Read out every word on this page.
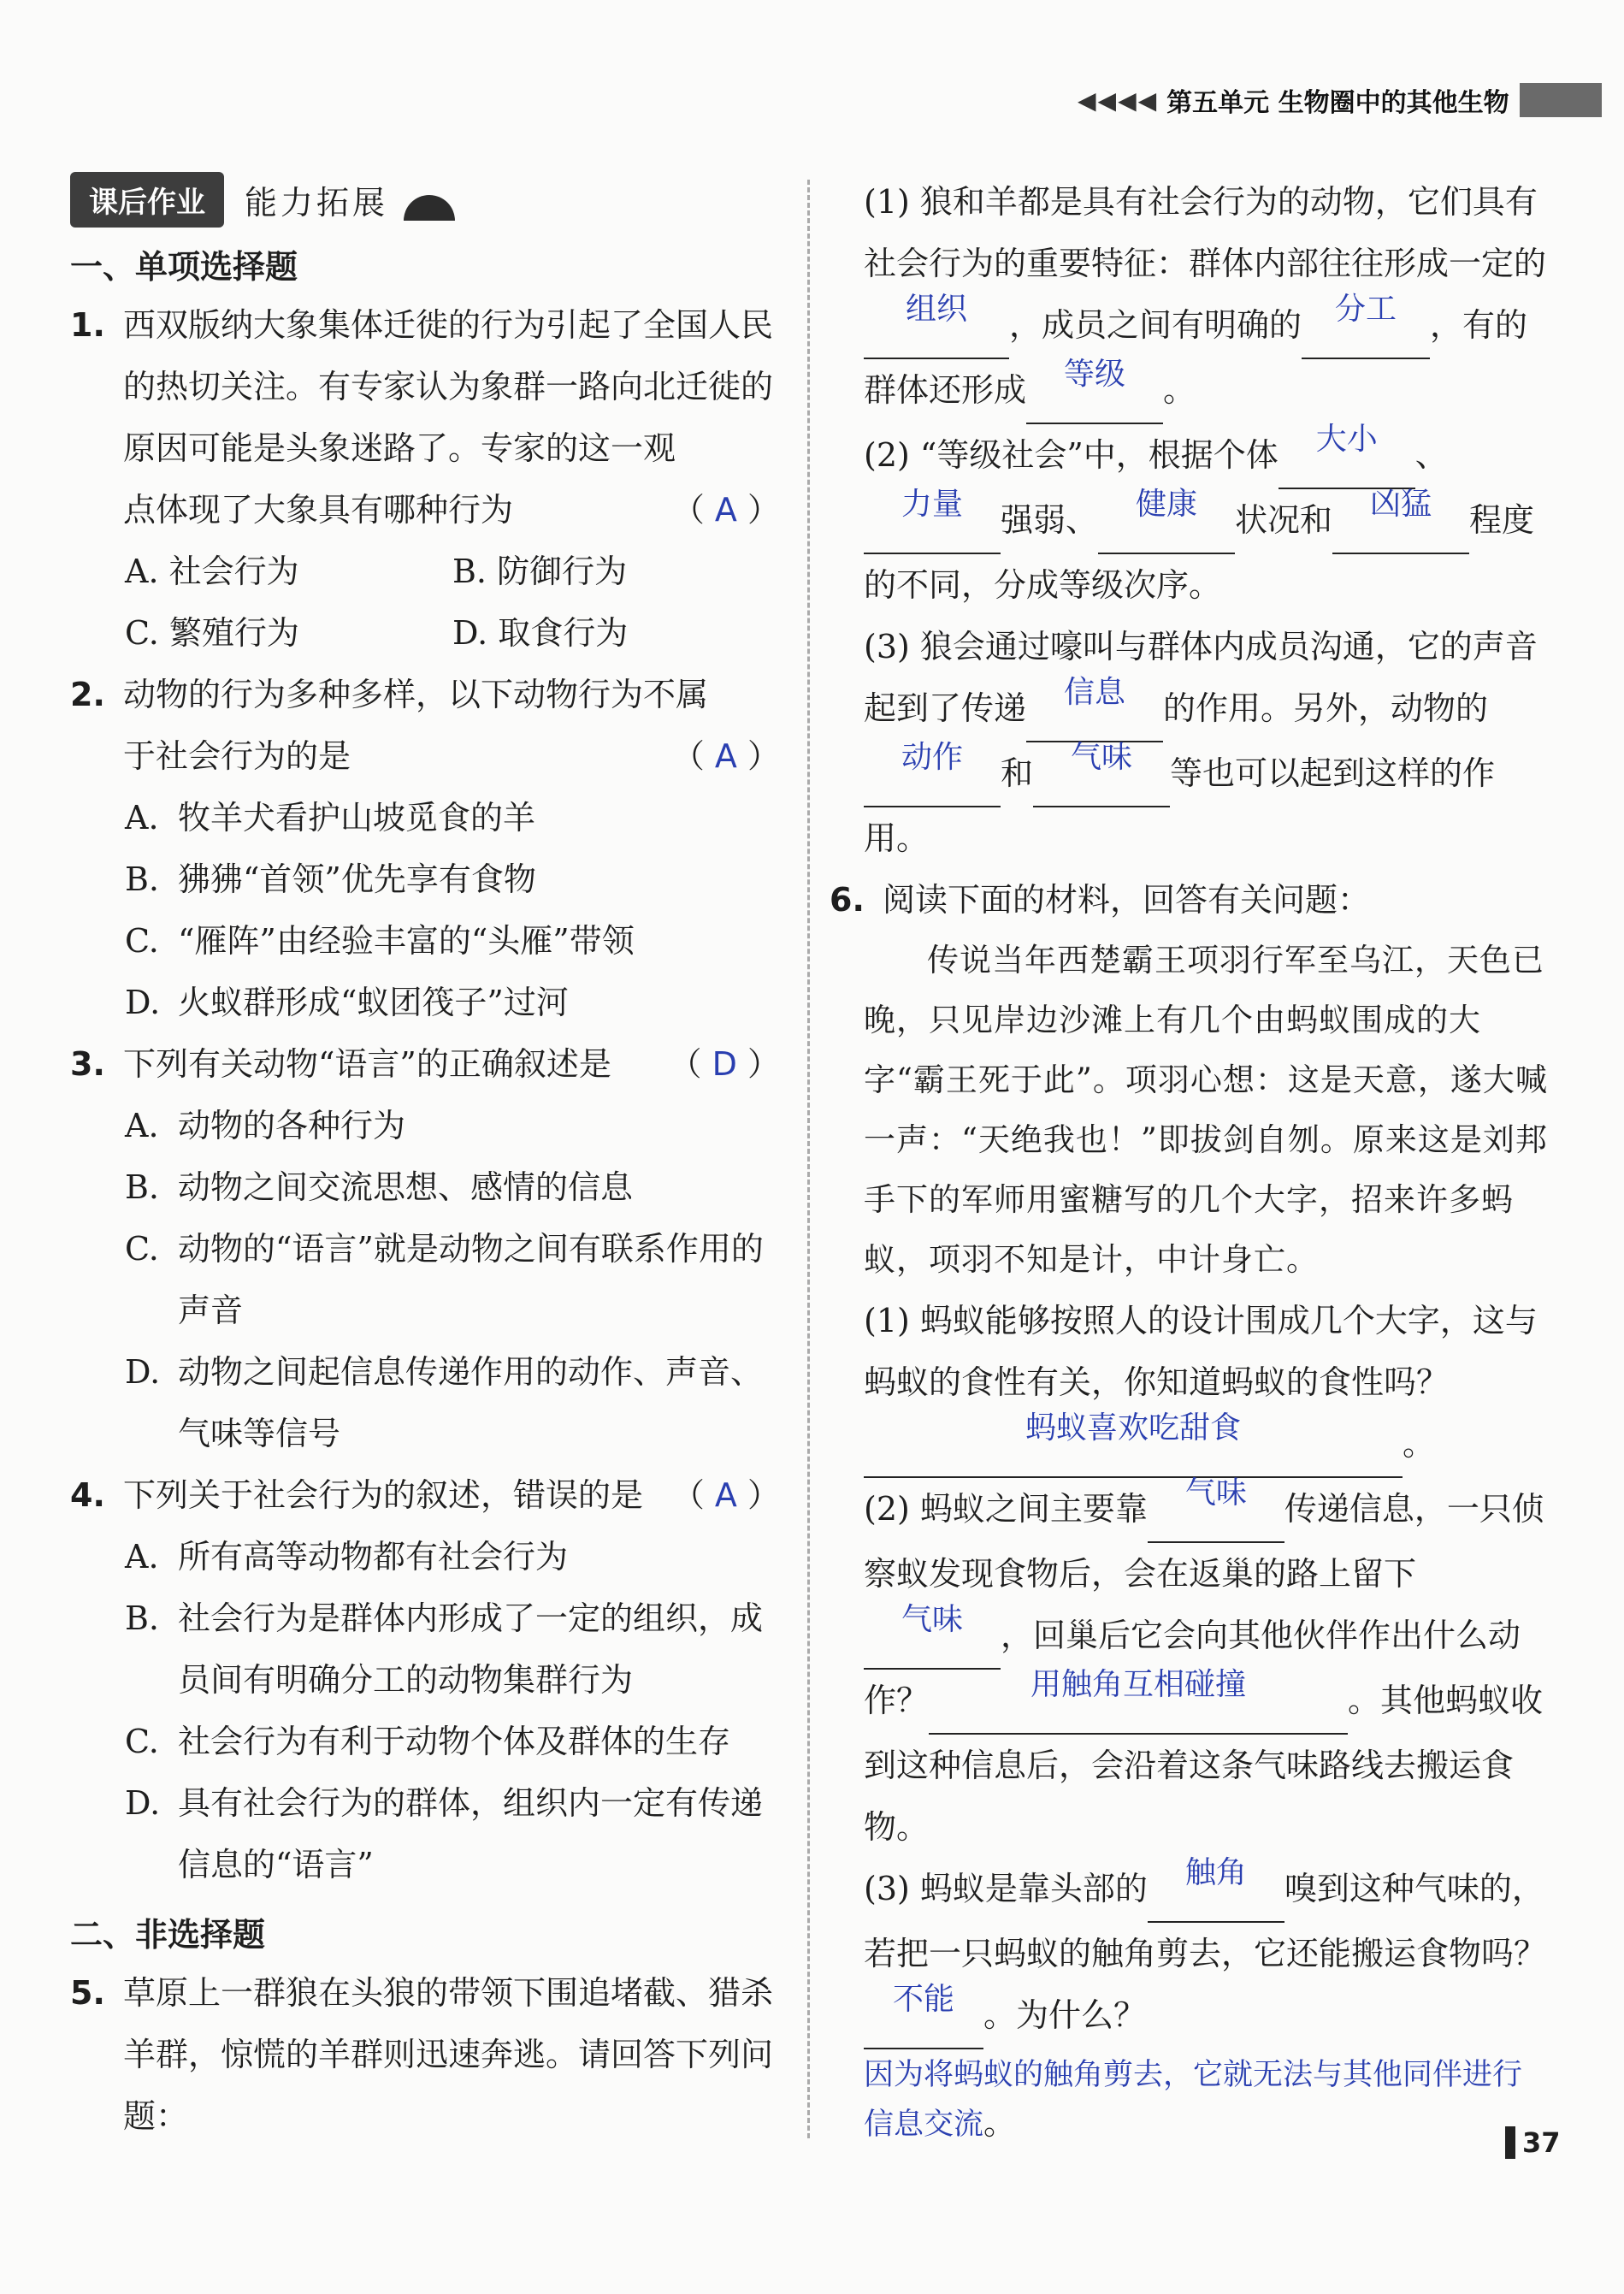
◀◀◀◀ 第五单元 生物圈中的其他生物
课后作业	能力拓展
一、单项选择题
1. 西双版纳大象集体迁徙的行为引起了全国人民的热切关注。有专家认为象群一路向北迁徙的原因可能是头象迷路了。专家的这一观
点体现了大象具有哪种行为	（ A ）
A. 社会行为	B. 防御行为
C. 繁殖行为	D. 取食行为
2. 动物的行为多种多样，以下动物行为不属
于社会行为的是	（ A ）
A. 牧羊犬看护山坡觅食的羊
B. 狒狒“首领”优先享有食物
C. “雁阵”由经验丰富的“头雁”带领
D. 火蚁群形成“蚁团筏子”过河
3. 下列有关动物“语言”的正确叙述是 （ D ）
A. 动物的各种行为
B. 动物之间交流思想、感情的信息
C. 动物的“语言”就是动物之间有联系作用的声音
D. 动物之间起信息传递作用的动作、声音、气味等信号
4. 下列关于社会行为的叙述，错误的是 （ A ）
A. 所有高等动物都有社会行为
B. 社会行为是群体内形成了一定的组织，成员间有明确分工的动物集群行为
C. 社会行为有利于动物个体及群体的生存
D. 具有社会行为的群体，组织内一定有传递信息的“语言”
二、非选择题
5. 草原上一群狼在头狼的带领下围追堵截、猎杀羊群，惊慌的羊群则迅速奔逃。请回答下列问题：
(1) 狼和羊都是具有社会行为的动物，它们具有社会行为的重要特征：群体内部往往形成一定的组织 ，成员之间有明确的 分工 ，有的群体还形成 等级 。
(2) “等级社会”中，根据个体 大小 、力量 强弱、 健康 状况和 凶猛 程度的不同，分成等级次序。
(3) 狼会通过嚎叫与群体内成员沟通，它的声音起到了传递 信息 的作用。另外，动物的动作 和 气味 等也可以起到这样的作用。
6. 阅读下面的材料，回答有关问题：
传说当年西楚霸王项羽行军至乌江，天色已晚，只见岸边沙滩上有几个由蚂蚁围成的大字“霸王死于此”。项羽心想：这是天意，遂大喊一声：“天绝我也！”即拔剑自刎。原来这是刘邦手下的军师用蜜糖写的几个大字，招来许多蚂蚁，项羽不知是计，中计身亡。
(1) 蚂蚁能够按照人的设计围成几个大字，这与蚂蚁的食性有关，你知道蚂蚁的食性吗？蚂蚁喜欢吃甜食	。
(2) 蚂蚁之间主要靠 气味 传递信息，一只侦察蚁发现食物后，会在返巢的路上留下气味 ，回巢后它会向其他伙伴作出什么动作？	用触角互相碰撞	。其他蚂蚁收到这种信息后，会沿着这条气味路线去搬运食物。
(3) 蚂蚁是靠头部的 触角 嗅到这种气味的，若把一只蚂蚁的触角剪去，它还能搬运食物吗？不能 。为什么？
因为将蚂蚁的触角剪去，它就无法与其他同伴进行信息交流。
37
